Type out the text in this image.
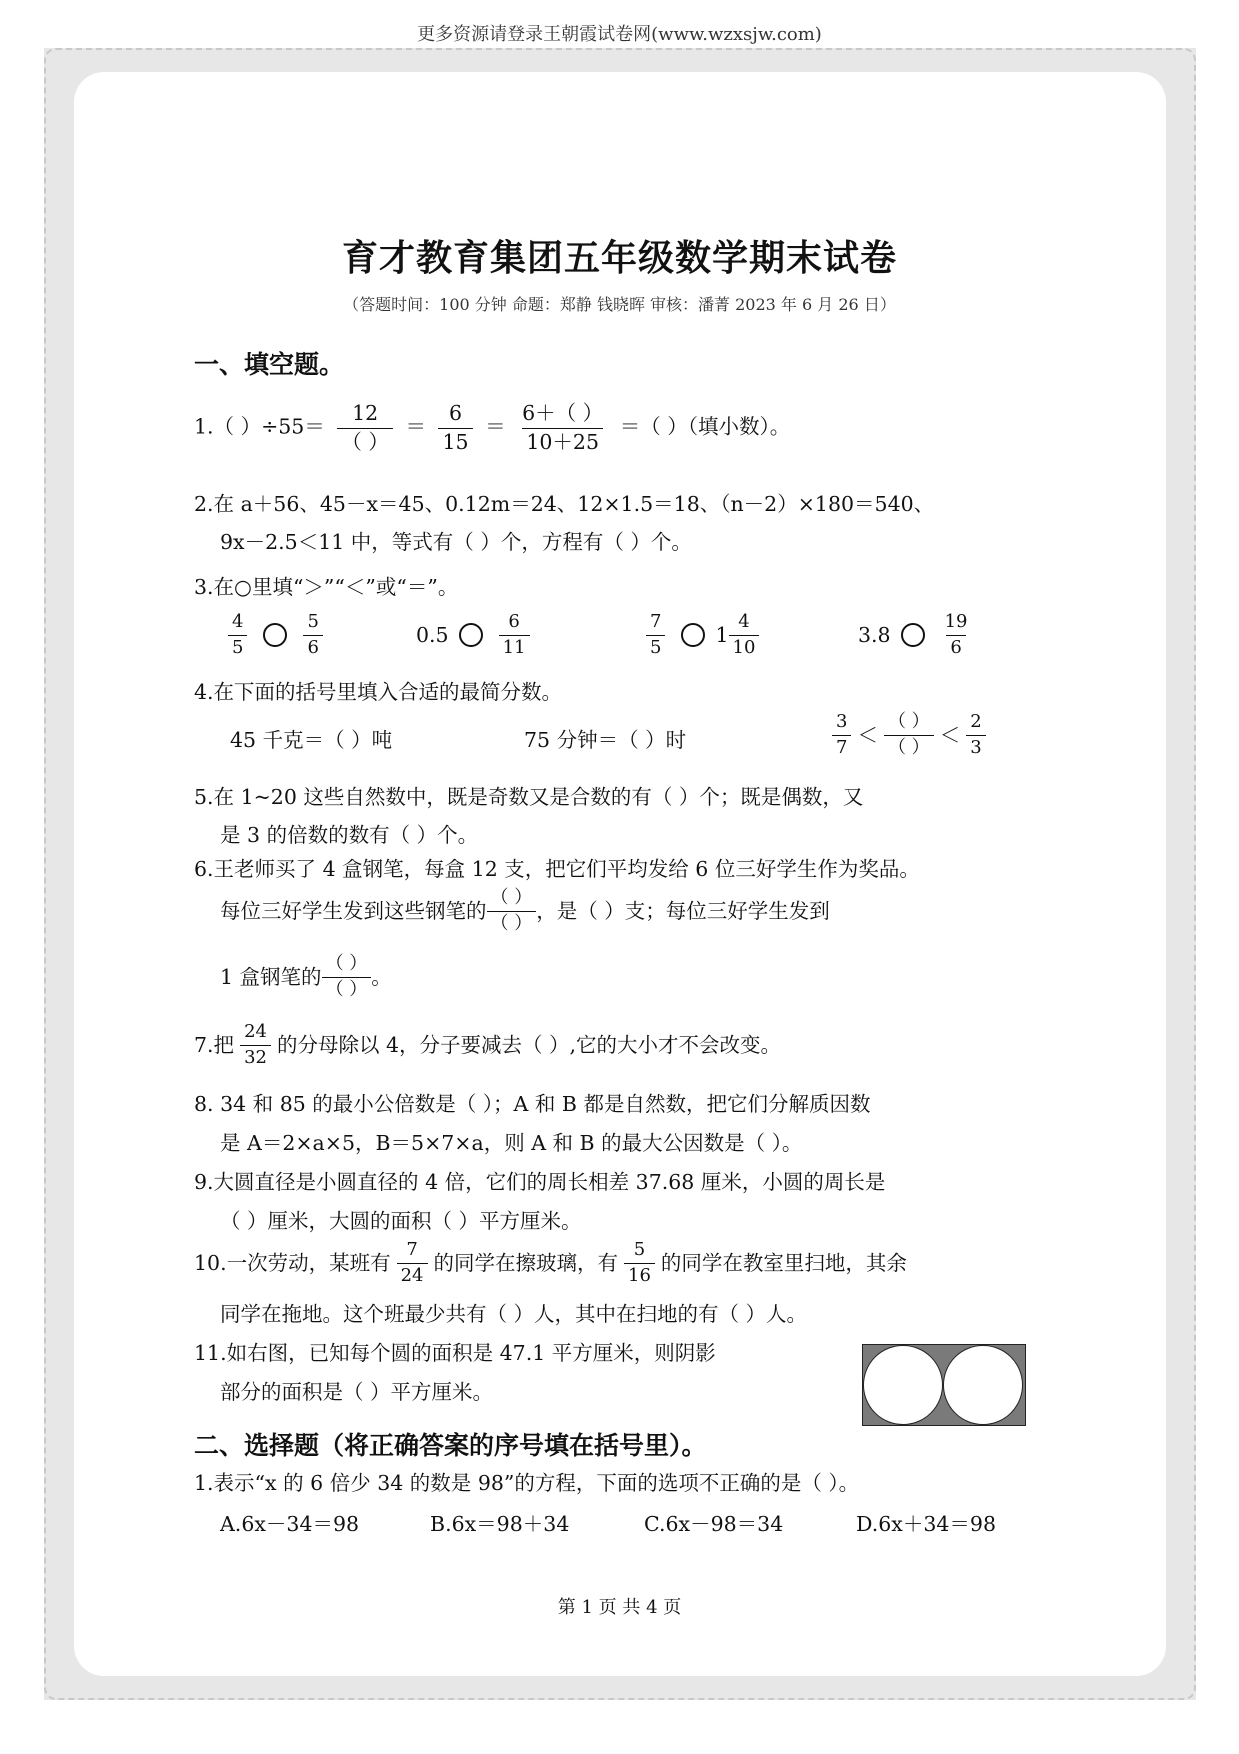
更多资源请登录王朝霞试卷网(www.wzxsjw.com)
育才教育集团五年级数学期末试卷
（答题时间：100 分钟 命题：郑静 钱晓晖 审核：潘菁 2023 年 6 月 26 日）
一、填空题。
1.（ ）$\div 55= \frac{12}{( )} = \frac{6}{15} = \frac{6+( )}{10+25}$ ＝（ ）（填小数）。
2.在 a＋56、45－x＝45、0.12m＝24、12×1.5＝18、（n－2）×180＝540、
9x－2.5＜11 中，等式有（ ）个，方程有（ ）个。
3.在○里填“＞”“＜”或“＝”。
$\frac{4}{5}$	$\frac{5}{6}$	0.5	$\frac{6}{11}$	$\frac{7}{5} 1 \frac{4}{10}$	3.8	$\frac{19}{6}$
4.在下面的括号里填入合适的最简分数。
45 千克＝（ ）吨	75 分钟＝（ ）时	$\frac{3}{7} < \frac{( )}{( )} < \frac{2}{3}$
5.在 1~20 这些自然数中，既是奇数又是合数的有（ ）个；既是偶数，又
是 3 的倍数的数有（ ）个。
6.王老师买了 4 盒钢笔，每盒 12 支，把它们平均发给 6 位三好学生作为奖品。
每位三好学生发到这些钢笔的 $\frac{( )}{( )}$ ，是（ ）支；每位三好学生发到
1 盒钢笔的 $\frac{( )}{( )}$ 。
7.把 $\frac{24}{32}$ 的分母除以 4，分子要减去（ ）,它的大小才不会改变。
8. 34 和 85 的最小公倍数是（ ）；A 和 B 都是自然数，把它们分解质因数
是 A＝2×a×5，B＝5×7×a，则 A 和 B 的最大公因数是（ ）。
9.大圆直径是小圆直径的 4 倍，它们的周长相差 37.68 厘米，小圆的周长是
（ ）厘米，大圆的面积（ ）平方厘米。
10.一次劳动，某班有 $\frac{7}{24}$ 的同学在擦玻璃，有 $\frac{5}{16}$ 的同学在教室里扫地，其余
同学在拖地。这个班最少共有（ ）人，其中在扫地的有（ ）人。
11.如右图，已知每个圆的面积是 47.1 平方厘米，则阴影
部分的面积是（ ）平方厘米。
二、选择题（将正确答案的序号填在括号里）。
1.表示“x 的 6 倍少 34 的数是 98”的方程，下面的选项不正确的是（ ）。
A.6x－34＝98	B.6x＝98＋34	C.6x－98＝34	D.6x＋34＝98
第 1 页 共 4 页
